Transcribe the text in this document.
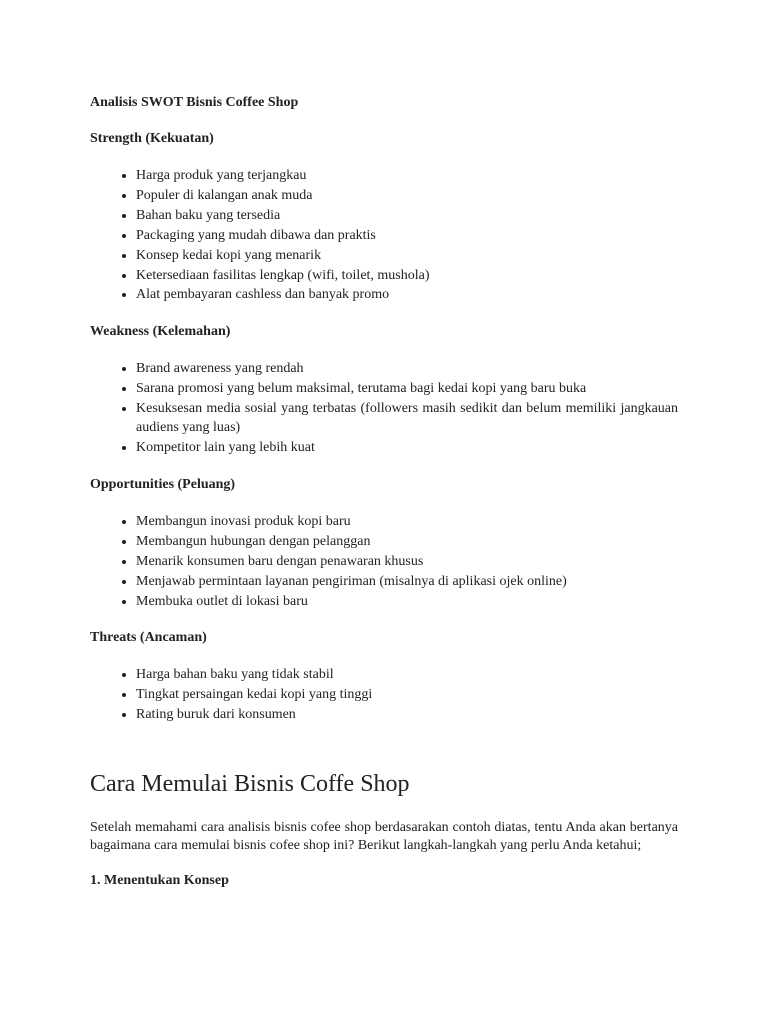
Analisis SWOT Bisnis Coffee Shop
Strength (Kekuatan)
• Harga produk yang terjangkau
• Populer di kalangan anak muda
• Bahan baku yang tersedia
• Packaging yang mudah dibawa dan praktis
• Konsep kedai kopi yang menarik
• Ketersediaan fasilitas lengkap (wifi, toilet, mushola)
• Alat pembayaran cashless dan banyak promo
Weakness (Kelemahan)
• Brand awareness yang rendah
• Sarana promosi yang belum maksimal, terutama bagi kedai kopi yang baru buka
• Kesuksesan media sosial yang terbatas (followers masih sedikit dan belum memiliki jangkauan audiens yang luas)
• Kompetitor lain yang lebih kuat
Opportunities (Peluang)
• Membangun inovasi produk kopi baru
• Membangun hubungan dengan pelanggan
• Menarik konsumen baru dengan penawaran khusus
• Menjawab permintaan layanan pengiriman (misalnya di aplikasi ojek online)
• Membuka outlet di lokasi baru
Threats (Ancaman)
• Harga bahan baku yang tidak stabil
• Tingkat persaingan kedai kopi yang tinggi
• Rating buruk dari konsumen
Cara Memulai Bisnis Coffe Shop

Setelah memahami cara analisis bisnis cofee shop berdasarakan contoh diatas, tentu Anda akan bertanya bagaimana cara memulai bisnis cofee shop ini? Berikut langkah-langkah yang perlu Anda ketahui;

1. Menentukan Konsep
